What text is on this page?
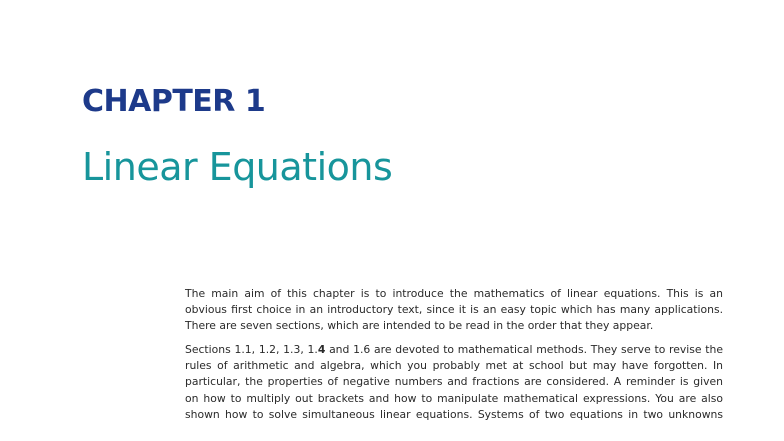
CHAPTER 1
Linear Equations

The main aim of this chapter is to introduce the mathematics of linear equations. This is an
obvious first choice in an introductory text, since it is an easy topic which has many applications.
There are seven sections, which are intended to be read in the order that they appear.

Sections 1.1, 1.2, 1.3, 1.4 and 1.6 are devoted to mathematical methods. They serve to revise the
rules of arithmetic and algebra, which you probably met at school but may have forgotten. In
particular, the properties of negative numbers and fractions are considered. A reminder is given
on how to multiply out brackets and how to manipulate mathematical expressions. You are also
shown how to solve simultaneous linear equations. Systems of two equations in two unknowns
